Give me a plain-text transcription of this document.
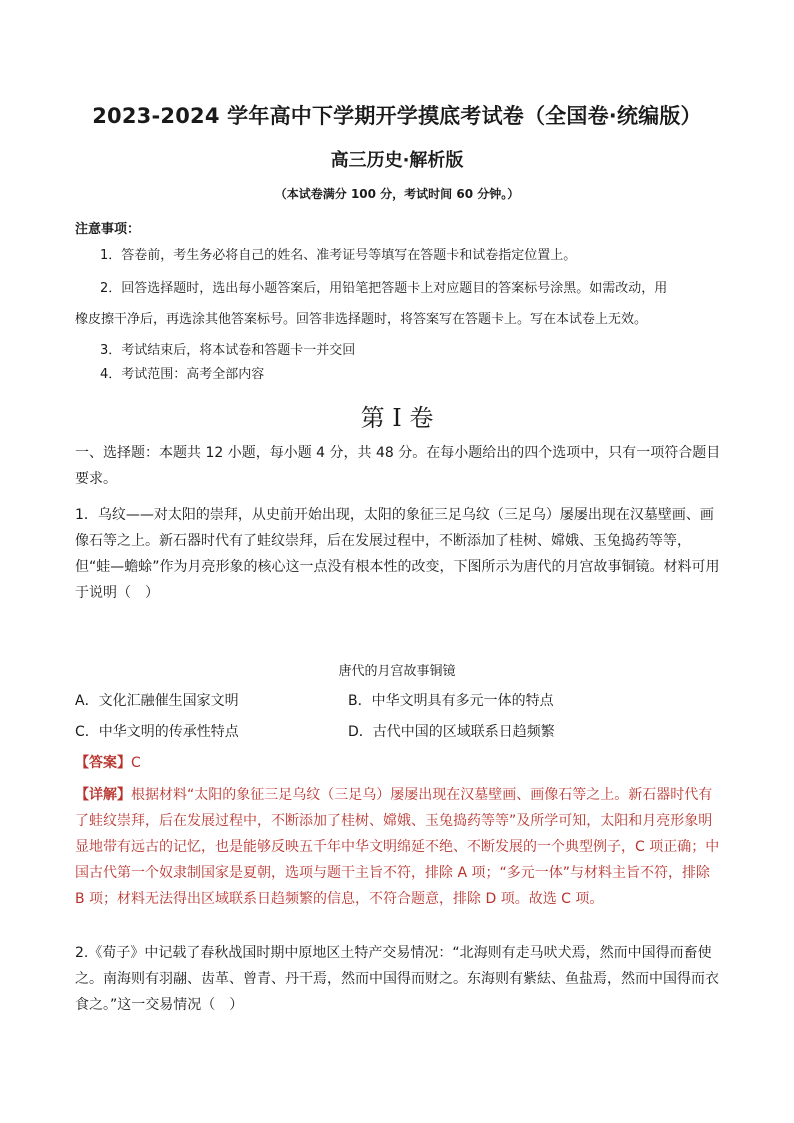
2023-2024 学年高中下学期开学摸底考试卷（全国卷·统编版）
高三历史·解析版
（本试卷满分 100 分，考试时间 60 分钟。）
注意事项：
1．答卷前，考生务必将自己的姓名、准考证号等填写在答题卡和试卷指定位置上。
2．回答选择题时，选出每小题答案后，用铅笔把答题卡上对应题目的答案标号涂黑。如需改动，用
橡皮擦干净后，再选涂其他答案标号。回答非选择题时，将答案写在答题卡上。写在本试卷上无效。
3．考试结束后，将本试卷和答题卡一并交回
4．考试范围：高考全部内容
第 I 卷
一、选择题：本题共 12 小题，每小题 4 分，共 48 分。在每小题给出的四个选项中，只有一项符合题目要求。
1．乌纹——对太阳的崇拜，从史前开始出现，太阳的象征三足乌纹（三足乌）屡屡出现在汉墓壁画、画像石等之上。新石器时代有了蛙纹崇拜，后在发展过程中，不断添加了桂树、嫦娥、玉兔捣药等等，但“蛙—蟾蜍”作为月亮形象的核心这一点没有根本性的改变，下图所示为唐代的月宫故事铜镜。材料可用于说明（　）
唐代的月宫故事铜镜
A．文化汇融催生国家文明	B．中华文明具有多元一体的特点
C．中华文明的传承性特点	D．古代中国的区域联系日趋频繁
【答案】C
【详解】根据材料“太阳的象征三足乌纹（三足乌）屡屡出现在汉墓壁画、画像石等之上。新石器时代有了蛙纹崇拜，后在发展过程中，不断添加了桂树、嫦娥、玉兔捣药等等”及所学可知，太阳和月亮形象明显地带有远古的记忆，也是能够反映五千年中华文明绵延不绝、不断发展的一个典型例子，C 项正确；中国古代第一个奴隶制国家是夏朝，选项与题干主旨不符，排除 A 项；“多元一体”与材料主旨不符，排除 B 项；材料无法得出区域联系日趋频繁的信息，不符合题意，排除 D 项。故选 C 项。
2.《荀子》中记载了春秋战国时期中原地区土特产交易情况：“北海则有走马吠犬焉，然而中国得而畜使之。南海则有羽翮、齿革、曾青、丹干焉，然而中国得而财之。东海则有紫紶、鱼盐焉，然而中国得而衣食之。”这一交易情况（　）
